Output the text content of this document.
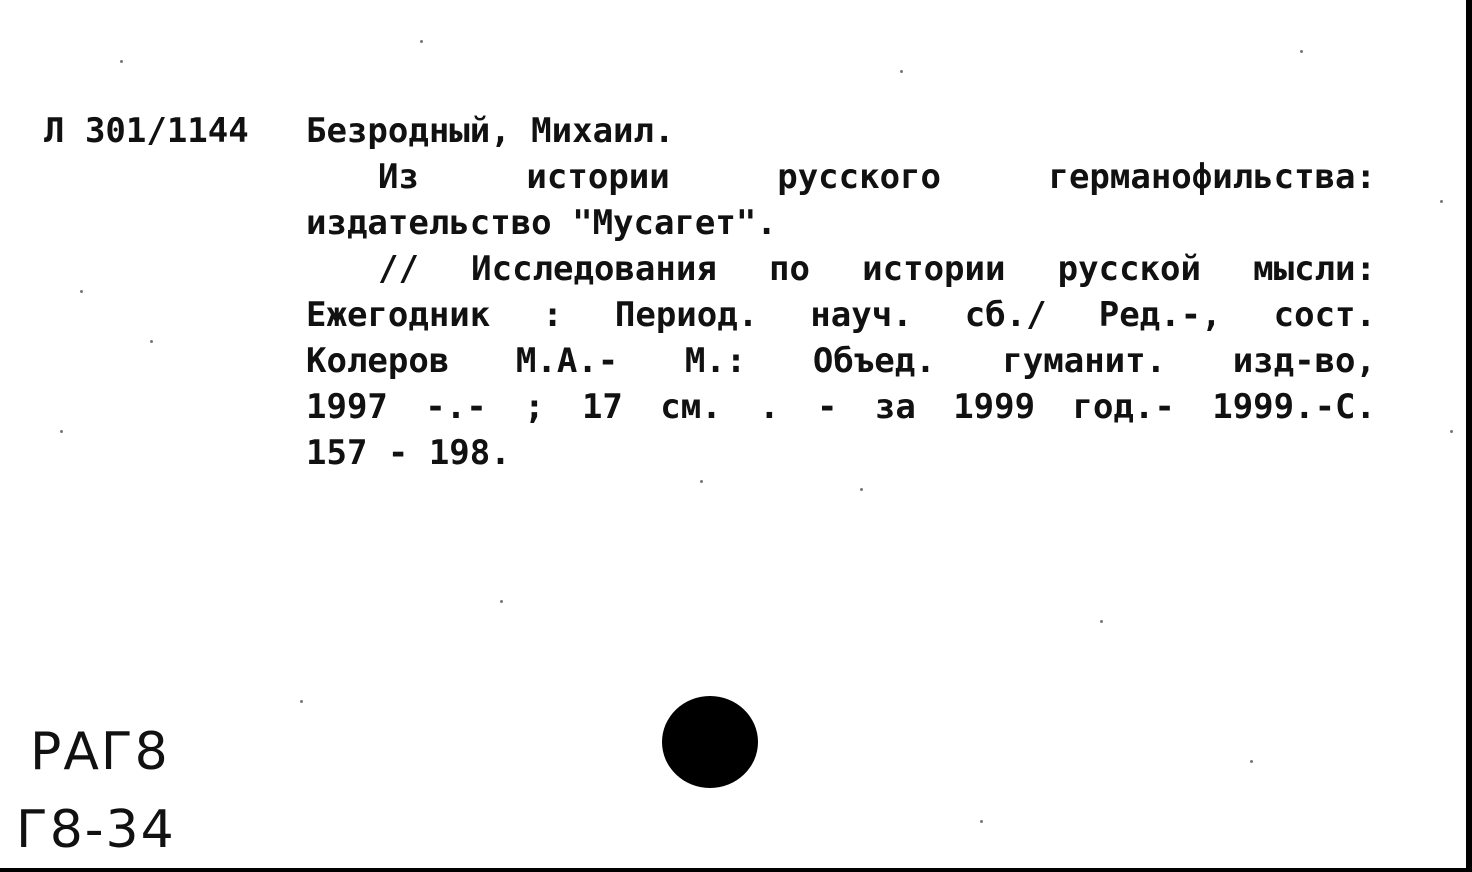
Л 301/1144 Безродный, Михаил.
Из истории русского германофильства:
издательство "Мусагет".
// Исследования по истории русской мысли:
Ежегодник : Период. науч. сб./ Ред.-, сост.
Колеров М.А.- М.: Объед. гуманит. изд-во,
1997 -.- ; 17 см. . - за 1999 год.- 1999.-С.
157 - 198.
РАГ8
Г8-34
